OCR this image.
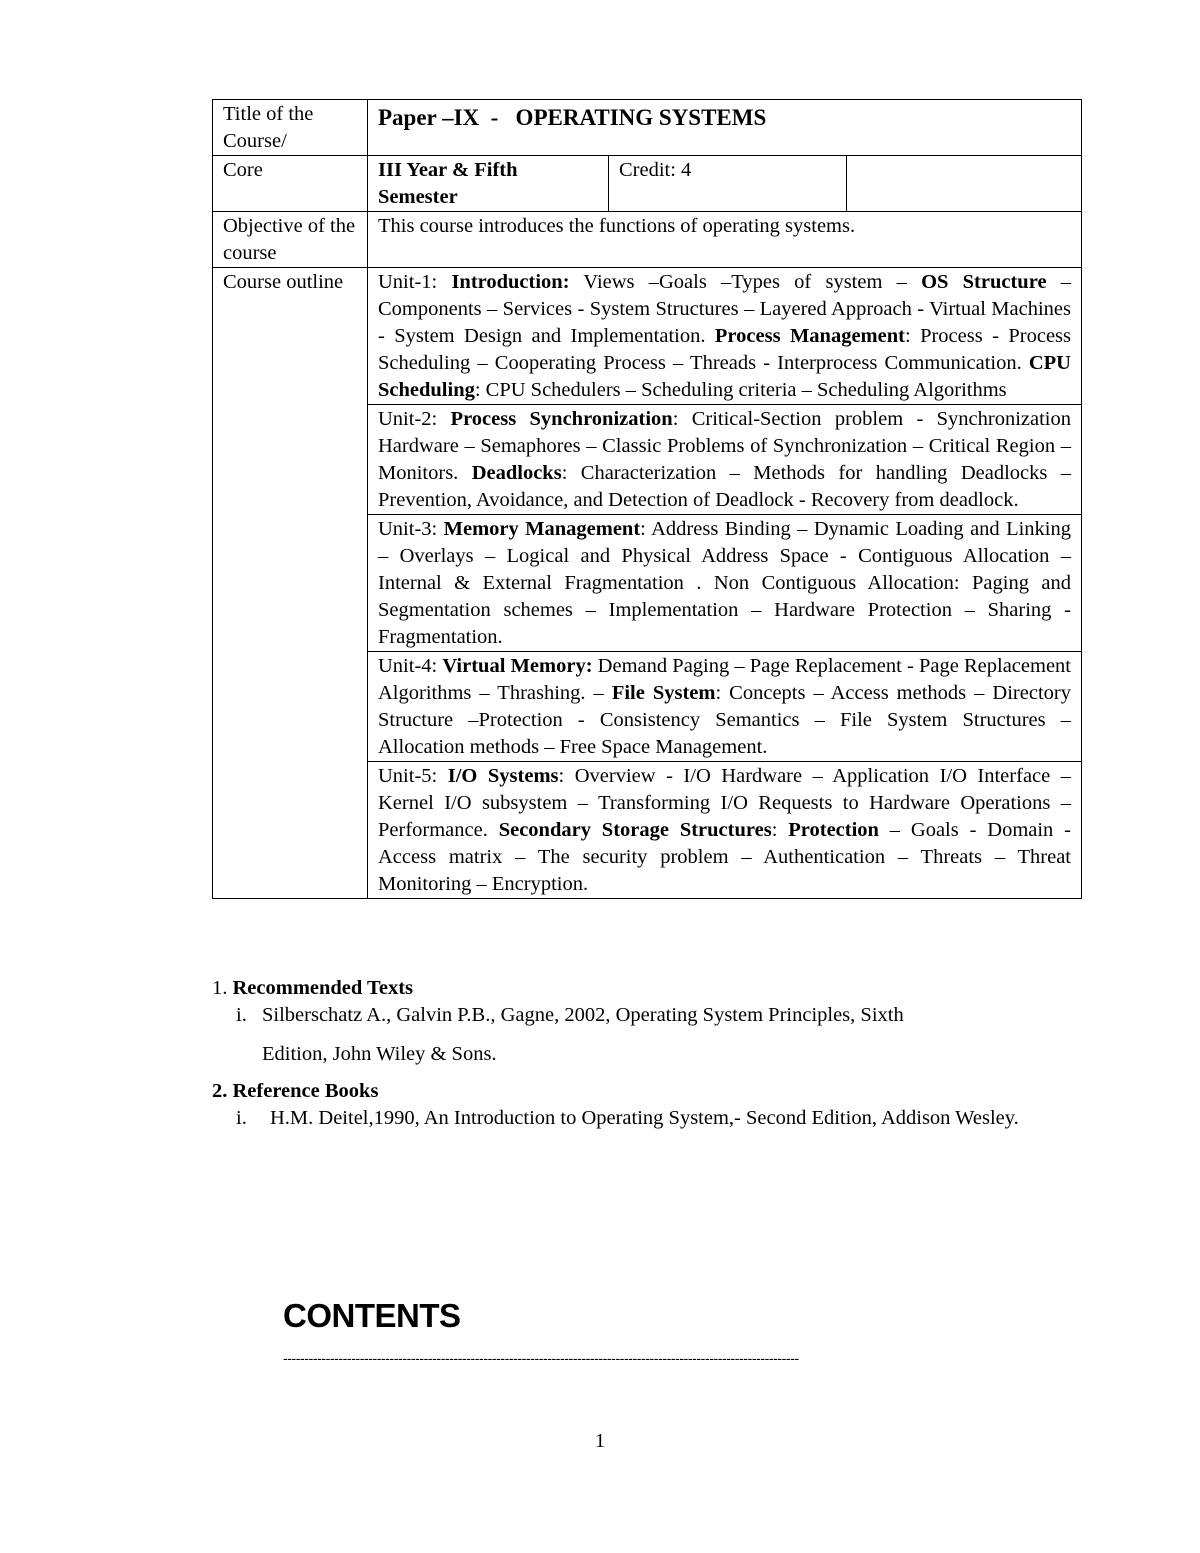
Title of the Course/	Paper –IX  -   OPERATING SYSTEMS		
Core	III Year & Fifth Semester	Credit: 4	
Objective of the course	This course introduces the functions of operating systems.		
Course outline	Unit-1: Introduction: Views –Goals –Types of system – OS Structure – Components – Services - System Structures – Layered Approach - Virtual Machines - System Design and Implementation. Process Management: Process - Process Scheduling – Cooperating Process – Threads - Interprocess Communication. CPU Scheduling: CPU Schedulers – Scheduling criteria – Scheduling Algorithms		
	Unit-2: Process Synchronization: Critical-Section problem - Synchronization Hardware – Semaphores – Classic Problems of Synchronization – Critical Region – Monitors. Deadlocks: Characterization – Methods for handling Deadlocks – Prevention, Avoidance, and Detection of Deadlock - Recovery from deadlock.		
	Unit-3: Memory Management: Address Binding – Dynamic Loading and Linking – Overlays – Logical and Physical Address Space - Contiguous Allocation – Internal & External Fragmentation . Non Contiguous Allocation: Paging and Segmentation schemes – Implementation – Hardware Protection – Sharing - Fragmentation.		
	Unit-4: Virtual Memory: Demand Paging – Page Replacement - Page Replacement Algorithms – Thrashing. – File System: Concepts – Access methods – Directory Structure –Protection - Consistency Semantics – File System Structures – Allocation methods – Free Space Management.		
	Unit-5: I/O Systems: Overview - I/O Hardware – Application I/O Interface – Kernel I/O subsystem – Transforming I/O Requests to Hardware Operations – Performance. Secondary Storage Structures: Protection – Goals - Domain - Access matrix – The security problem – Authentication – Threats – Threat Monitoring – Encryption.		

1. Recommended Texts

i. Silberschatz A., Galvin P.B., Gagne, 2002, Operating System Principles, Sixth
Edition, John Wiley & Sons.

2. Reference Books

i.	H.M. Deitel,1990, An Introduction to Operating System,- Second Edition, Addison Wesley.
CONTENTS
-------------------------------------------------------------------------------------------------------------------------
1
